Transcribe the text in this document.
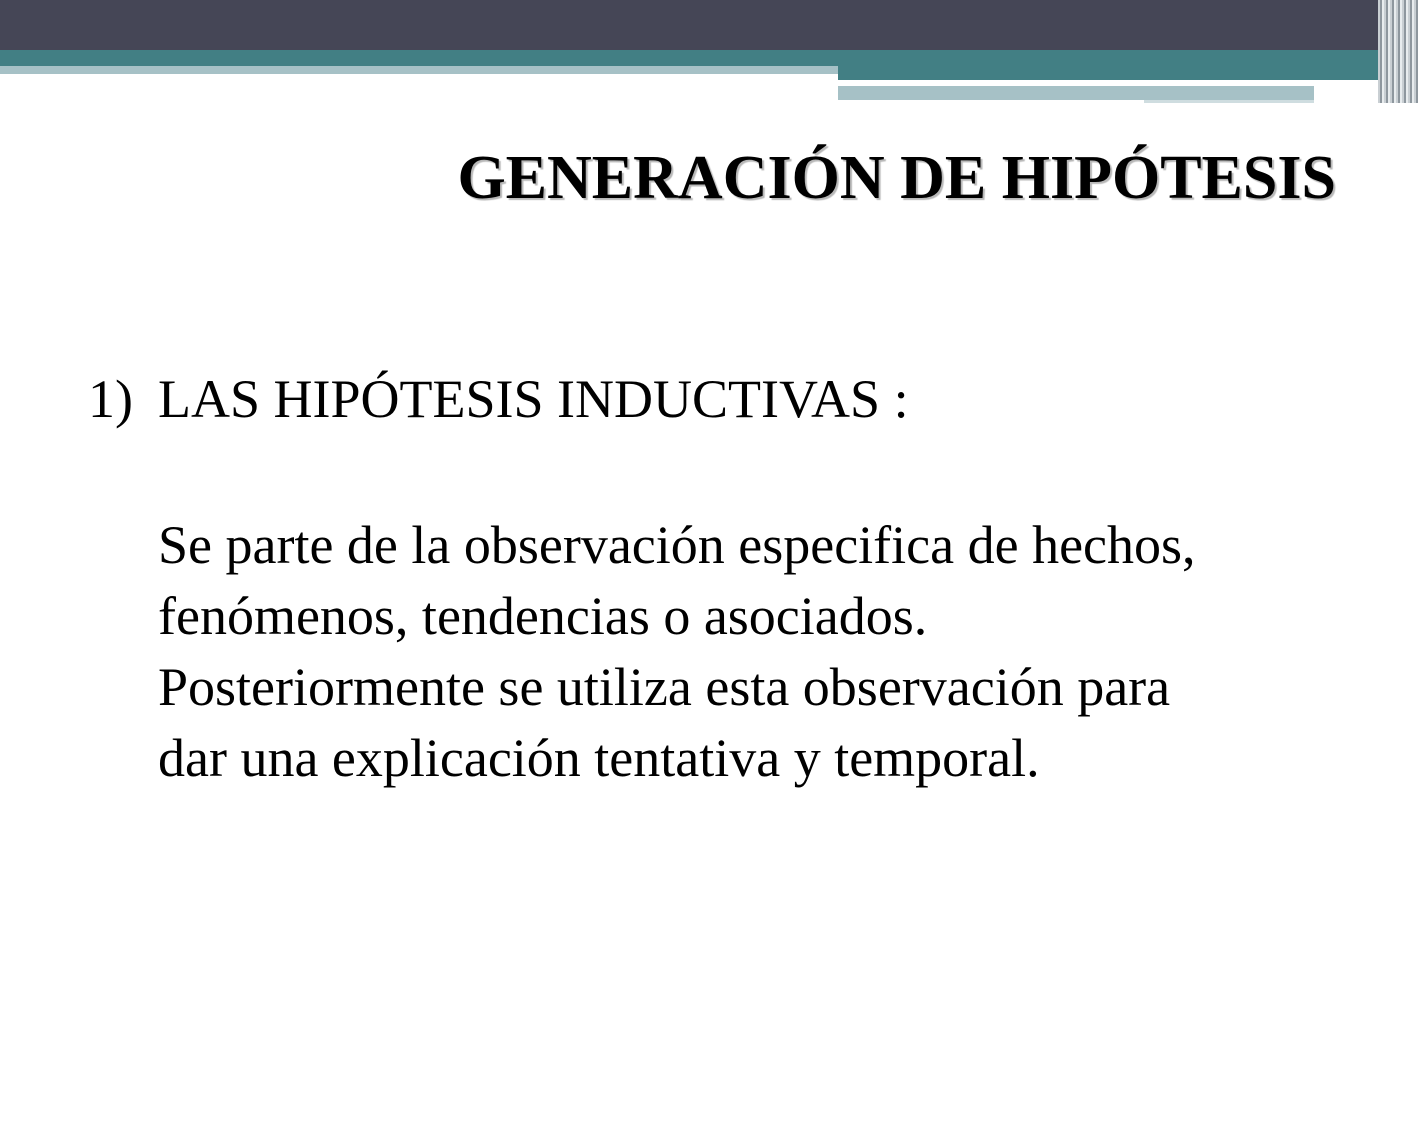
GENERACIÓN DE HIPÓTESIS
1) LAS HIPÓTESIS INDUCTIVAS :
Se parte de la observación especifica de hechos,
fenómenos, tendencias o asociados.
Posteriormente se utiliza esta observación para
dar una explicación tentativa y temporal.
